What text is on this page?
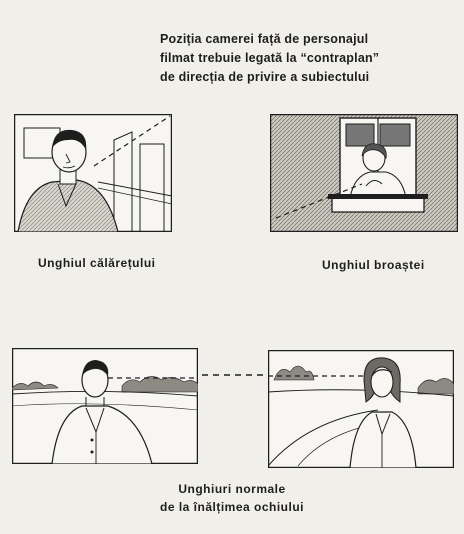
Poziția camerei față de personajul
filmat trebuie legată la “contraplan”
de direcția de privire a subiectului
Unghiul călărețului	Unghiul broaștei
Unghiuri normale
de la înălțimea ochiului
